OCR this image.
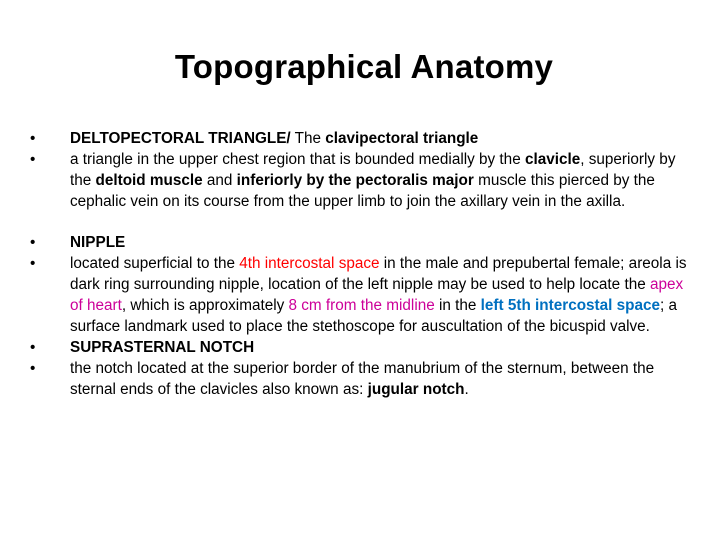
Topographical Anatomy
•	DELTOPECTORAL TRIANGLE/ The clavipectoral triangle
•	a triangle in the upper chest region that is bounded medially by the clavicle, superiorly by the deltoid muscle and inferiorly by the pectoralis major muscle this pierced by the cephalic vein on its course from the upper limb to join the axillary vein in the axilla.
•	NIPPLE
•	located superficial to the 4th intercostal space in the male and prepubertal female; areola is dark ring surrounding nipple, location of the left nipple may be used to help locate the apex of heart, which is approximately 8 cm from the midline in the left 5th intercostal space; a surface landmark used to place the stethoscope for auscultation of the bicuspid valve.
•	SUPRASTERNAL NOTCH
•	the notch located at the superior border of the manubrium of the sternum, between the sternal ends of the clavicles also known as: jugular notch.
